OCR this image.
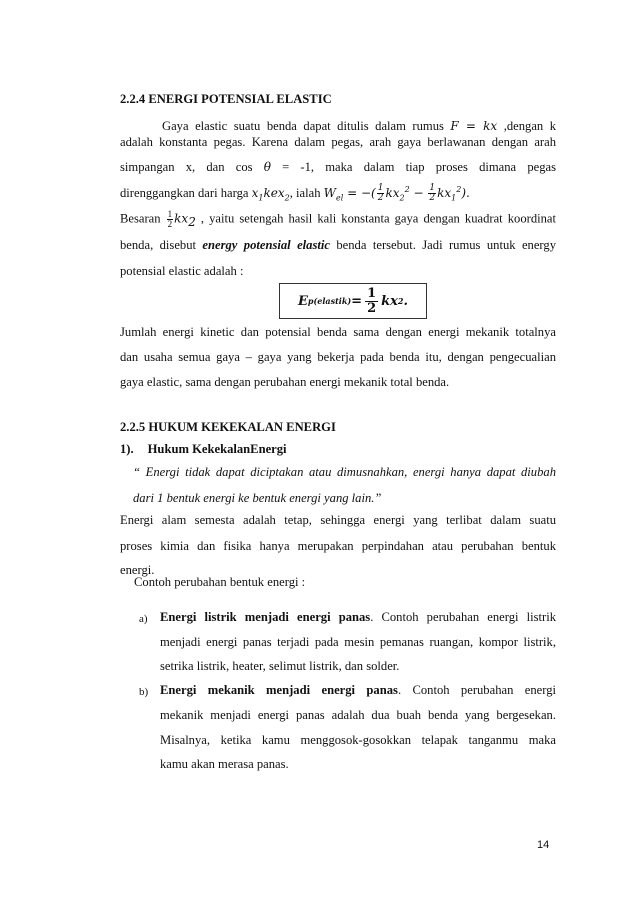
2.2.4 ENERGI POTENSIAL ELASTIC
Gaya elastic suatu benda dapat ditulis dalam rumus F = kx ,dengan k
adalah konstanta pegas. Karena dalam pegas, arah gaya berlawanan dengan arah
simpangan x, dan cos θ = -1, maka dalam tiap proses dimana pegas
direnggangkan dari harga $x_1kex_2$, ialah $W_{el}$ = −( $\frac{1}{2} kx_2^2 - \frac{1}{2} kx_1^2$).
Besaran $\frac{1}{2} kx_2$ , yaitu setengah hasil kali konstanta gaya dengan kuadrat koordinat
benda, disebut energy potensial elastic benda tersebut. Jadi rumus untuk energy
potensial elastic adalah :
E p(elastik) = $\frac{1}{2}$ kx 2 .
Jumlah energi kinetic dan potensial benda sama dengan energi mekanik totalnya
dan usaha semua gaya – gaya yang bekerja pada benda itu, dengan pengecualian
gaya elastic, sama dengan perubahan energi mekanik total benda.
2.2.5 HUKUM KEKEKALAN ENERGI
1). Hukum KekekalanEnergi
“ Energi tidak dapat diciptakan atau dimusnahkan, energi hanya dapat diubah
dari 1 bentuk energi ke bentuk energi yang lain.”
Energi alam semesta adalah tetap, sehingga energi yang terlibat dalam suatu
proses kimia dan fisika hanya merupakan perpindahan atau perubahan bentuk
energi.
Contoh perubahan bentuk energi :
a) Energi listrik menjadi energi panas. Contoh perubahan energi listrik
menjadi energi panas terjadi pada mesin pemanas ruangan, kompor listrik,
setrika listrik, heater, selimut listrik, dan solder.
b) Energi mekanik menjadi energi panas. Contoh perubahan energi
mekanik menjadi energi panas adalah dua buah benda yang bergesekan.
Misalnya, ketika kamu menggosok-gosokkan telapak tanganmu maka
kamu akan merasa panas.
14
